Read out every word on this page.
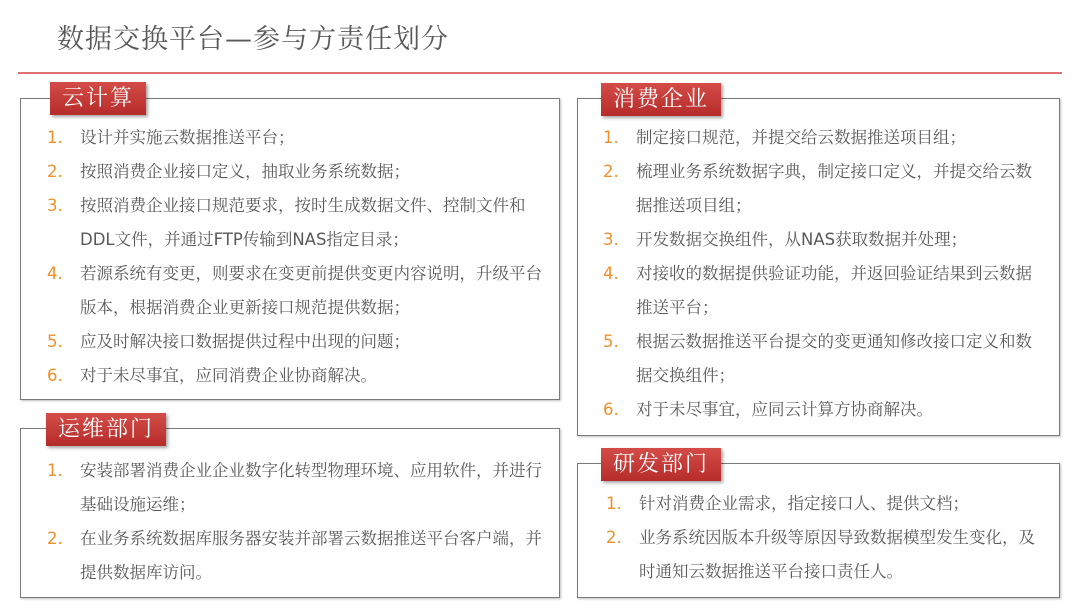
数据交换平台—参与方责任划分
云计算
1.	设计并实施云数据推送平台；
2.	按照消费企业接口定义，抽取业务系统数据；
3.	按照消费企业接口规范要求，按时生成数据文件、控制文件和DDL文件，并通过FTP传输到NAS指定目录；
4.	若源系统有变更，则要求在变更前提供变更内容说明，升级平台版本，根据消费企业更新接口规范提供数据；
5.	应及时解决接口数据提供过程中出现的问题；
6.	对于未尽事宜，应同消费企业协商解决。
运维部门
1.	安装部署消费企业企业数字化转型物理环境、应用软件，并进行基础设施运维；
2.	在业务系统数据库服务器安装并部署云数据推送平台客户端，并提供数据库访问。
消费企业
1.	制定接口规范，并提交给云数据推送项目组；
2.	梳理业务系统数据字典，制定接口定义，并提交给云数据推送项目组；
3.	开发数据交换组件，从NAS获取数据并处理；
4.	对接收的数据提供验证功能，并返回验证结果到云数据推送平台；
5.	根据云数据推送平台提交的变更通知修改接口定义和数据交换组件；
6.	对于未尽事宜，应同云计算方协商解决。
研发部门
1.	针对消费企业需求，指定接口人、提供文档；
2.	业务系统因版本升级等原因导致数据模型发生变化，及时通知云数据推送平台接口责任人。
